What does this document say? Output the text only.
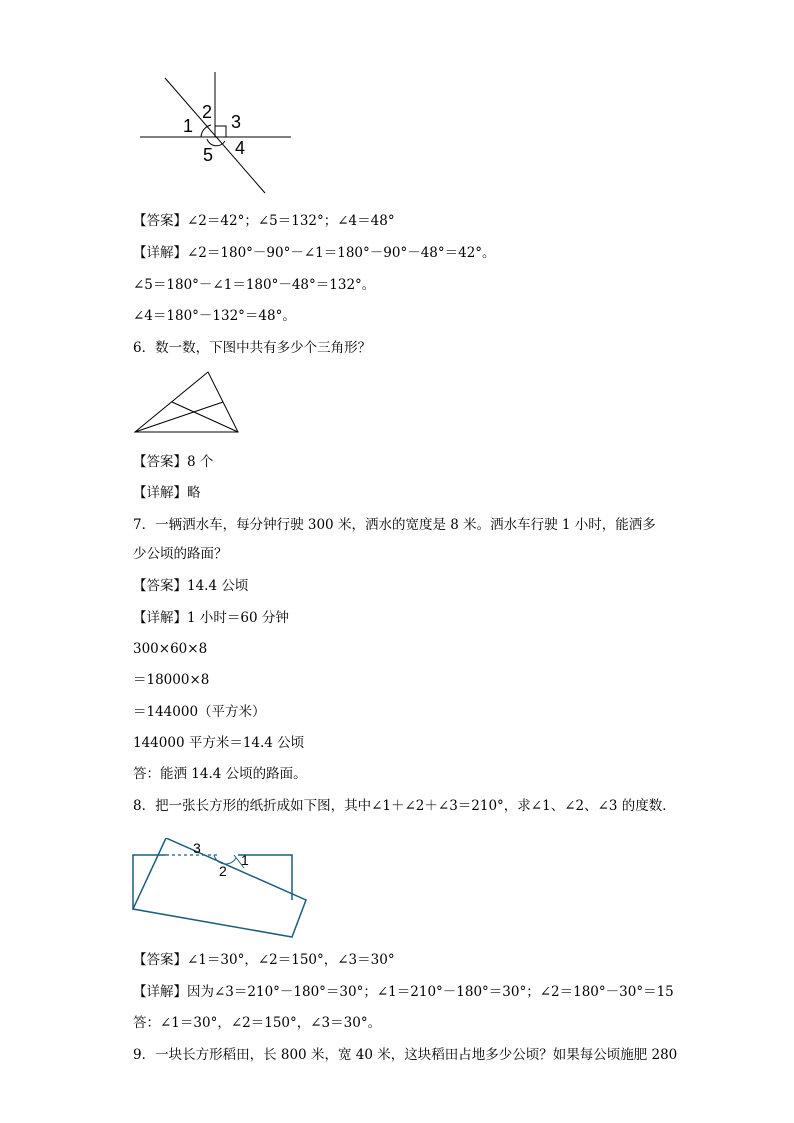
1
2 3
4
5
【答案】∠2＝42°；∠5＝132°；∠4＝48°
【详解】∠2＝180°－90°－∠1＝180°－90°－48°＝42°。
∠5＝180°－∠1＝180°－48°＝132°。
∠4＝180°－132°＝48°。
6．数一数，下图中共有多少个三角形？
【答案】8 个
【详解】略
7．一辆洒水车，每分钟行驶 300 米，洒水的宽度是 8 米。洒水车行驶 1 小时，能洒多
少公顷的路面？
【答案】14.4 公顷
【详解】1 小时＝60 分钟
300×60×8
＝18000×8
＝144000（平方米）
144000 平方米＝14.4 公顷
答：能洒 14.4 公顷的路面。
8．把一张长方形的纸折成如下图，其中∠1＋∠2＋∠3＝210°，求∠1、∠2、∠3 的度数．
3
1
2
【答案】∠1＝30°，∠2＝150°，∠3＝30°
【详解】因为∠3＝210°－180°＝30°；∠1＝210°－180°＝30°；∠2＝180°－30°＝15
答：∠1＝30°，∠2＝150°，∠3＝30°。
9．一块长方形稻田，长 800 米，宽 40 米，这块稻田占地多少公顷？如果每公顷施肥 280
